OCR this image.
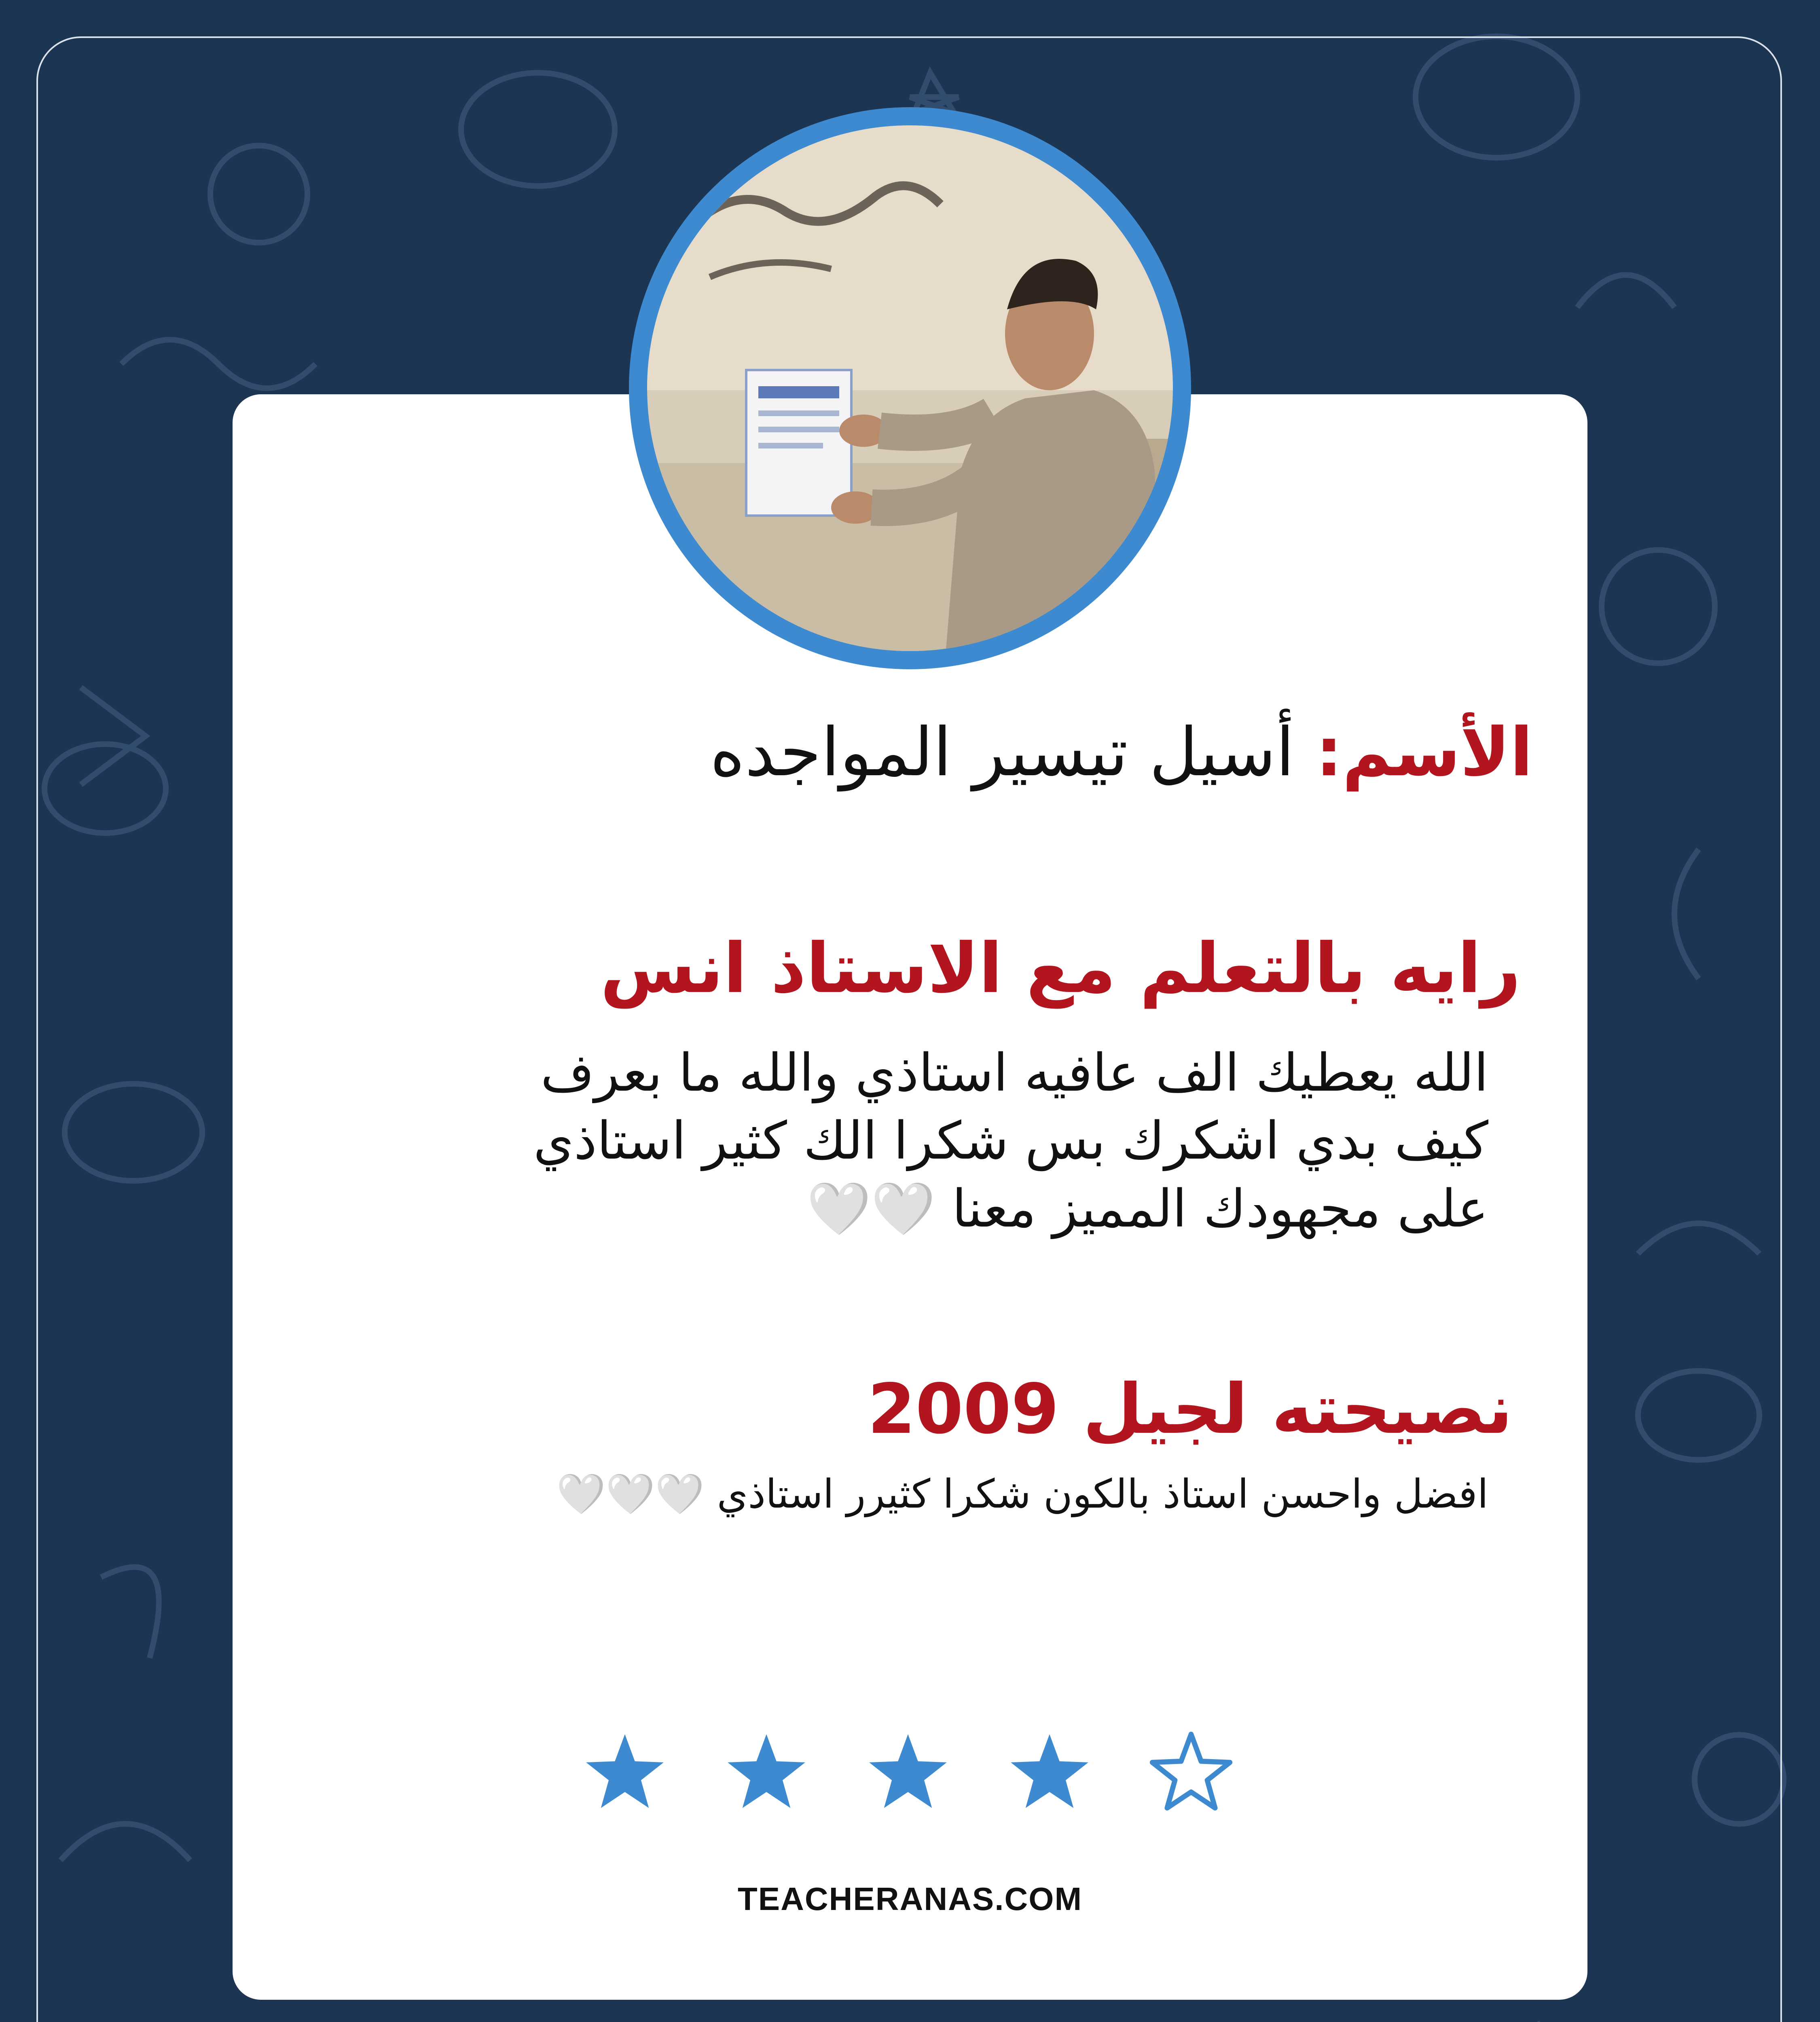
الأسم: أسيل تيسير المواجده
رايه بالتعلم مع الاستاذ انس
الله يعطيك الف عافيه استاذي والله ما بعرف
كيف بدي اشكرك بس شكرا الك كثير استاذي
على مجهودك المميز معنا 🤍🤍
نصيحته لجيل 2009
افضل واحسن استاذ بالكون شكرا كثيرر استاذي 🤍🤍🤍
TEACHERANAS.COM
